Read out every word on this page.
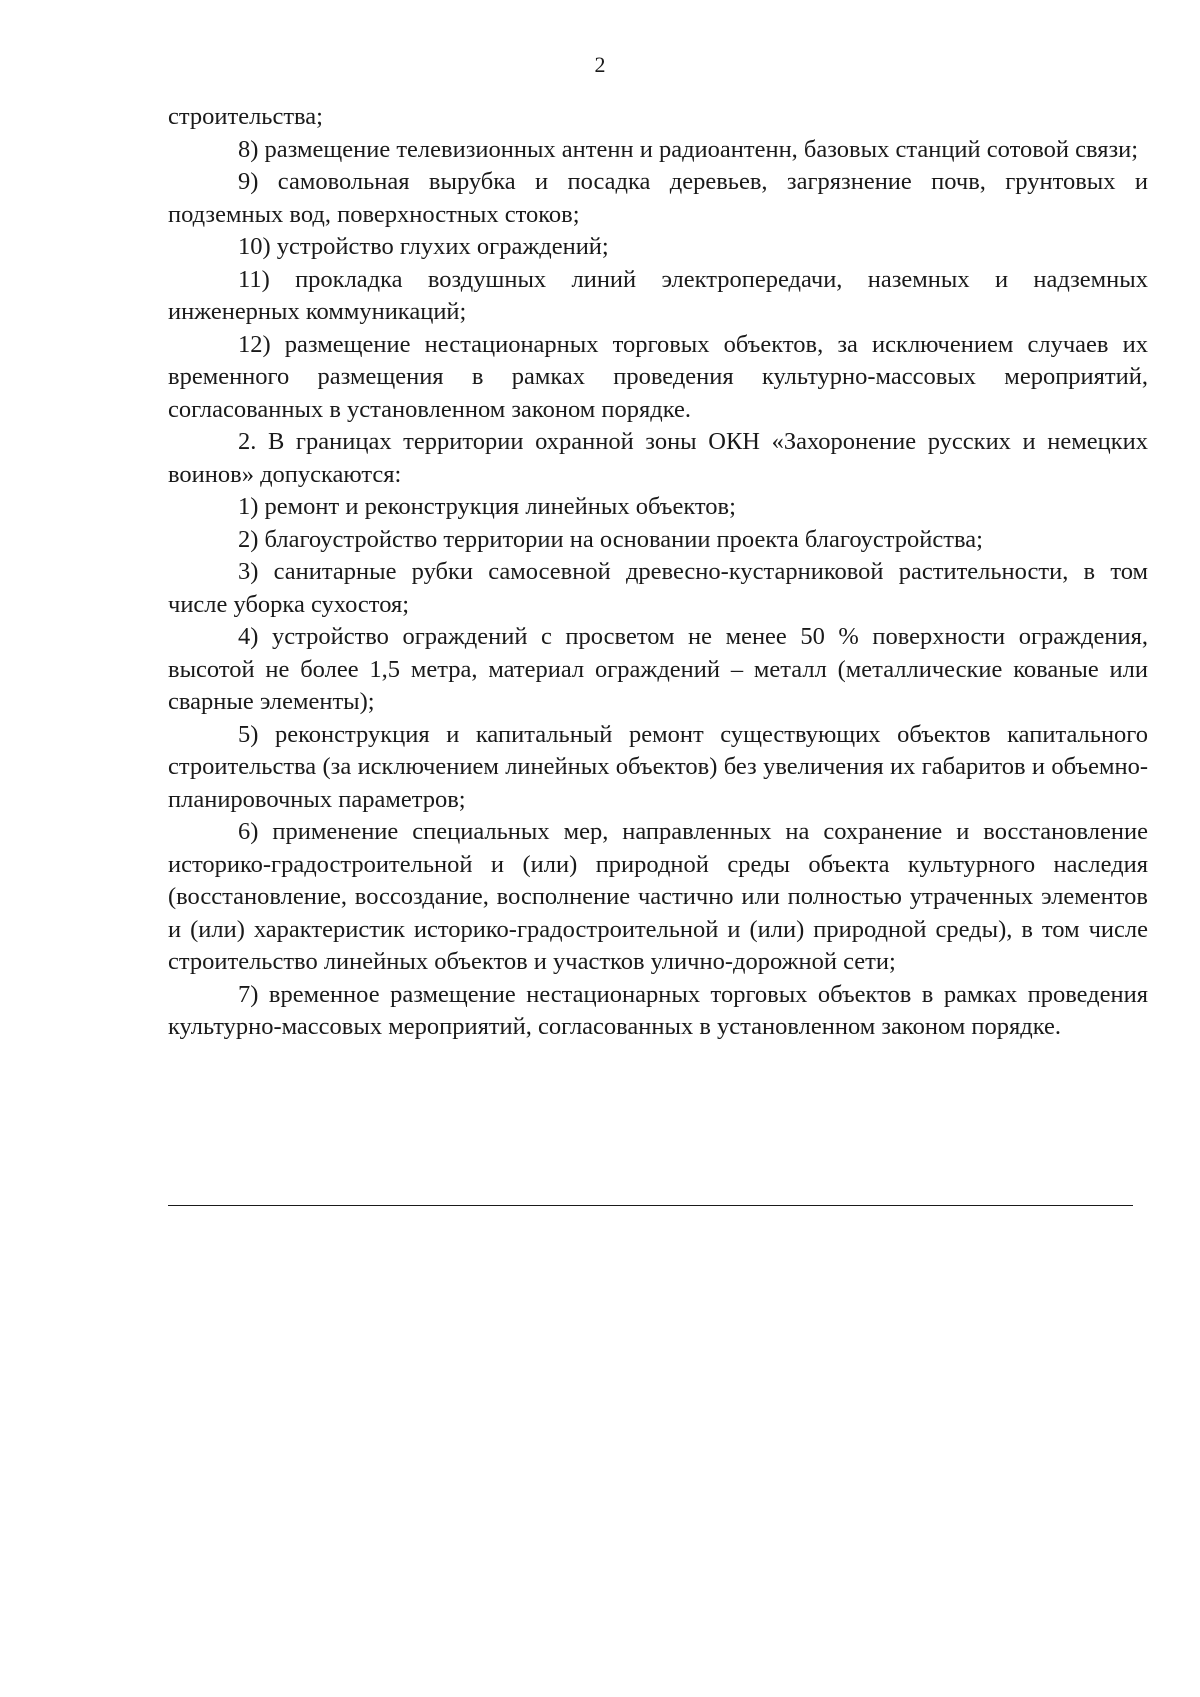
2

строительства;

8) размещение телевизионных антенн и радиоантенн, базовых станций сотовой связи;

9) самовольная вырубка и посадка деревьев, загрязнение почв, грунтовых и подземных вод, поверхностных стоков;

10) устройство глухих ограждений;

11) прокладка воздушных линий электропередачи, наземных и надземных инженерных коммуникаций;

12) размещение нестационарных торговых объектов, за исключением случаев их временного размещения в рамках проведения культурно-массовых мероприятий, согласованных в установленном законом порядке.

2. В границах территории охранной зоны ОКН «Захоронение русских и немецких воинов» допускаются:

1) ремонт и реконструкция линейных объектов;

2) благоустройство территории на основании проекта благоустройства;

3) санитарные рубки самосевной древесно-кустарниковой растительности, в том числе уборка сухостоя;

4) устройство ограждений с просветом не менее 50 % поверхности ограждения, высотой не более 1,5 метра, материал ограждений – металл (металлические кованые или сварные элементы);

5) реконструкция и капитальный ремонт существующих объектов капитального строительства (за исключением линейных объектов) без увеличения их габаритов и объемно-планировочных параметров;

6) применение специальных мер, направленных на сохранение и восстановление историко-градостроительной и (или) природной среды объекта культурного наследия (восстановление, воссоздание, восполнение частично или полностью утраченных элементов и (или) характеристик историко-градостроительной и (или) природной среды), в том числе строительство линейных объектов и участков улично-дорожной сети;

7) временное размещение нестационарных торговых объектов в рамках проведения культурно-массовых мероприятий, согласованных в установленном законом порядке.
